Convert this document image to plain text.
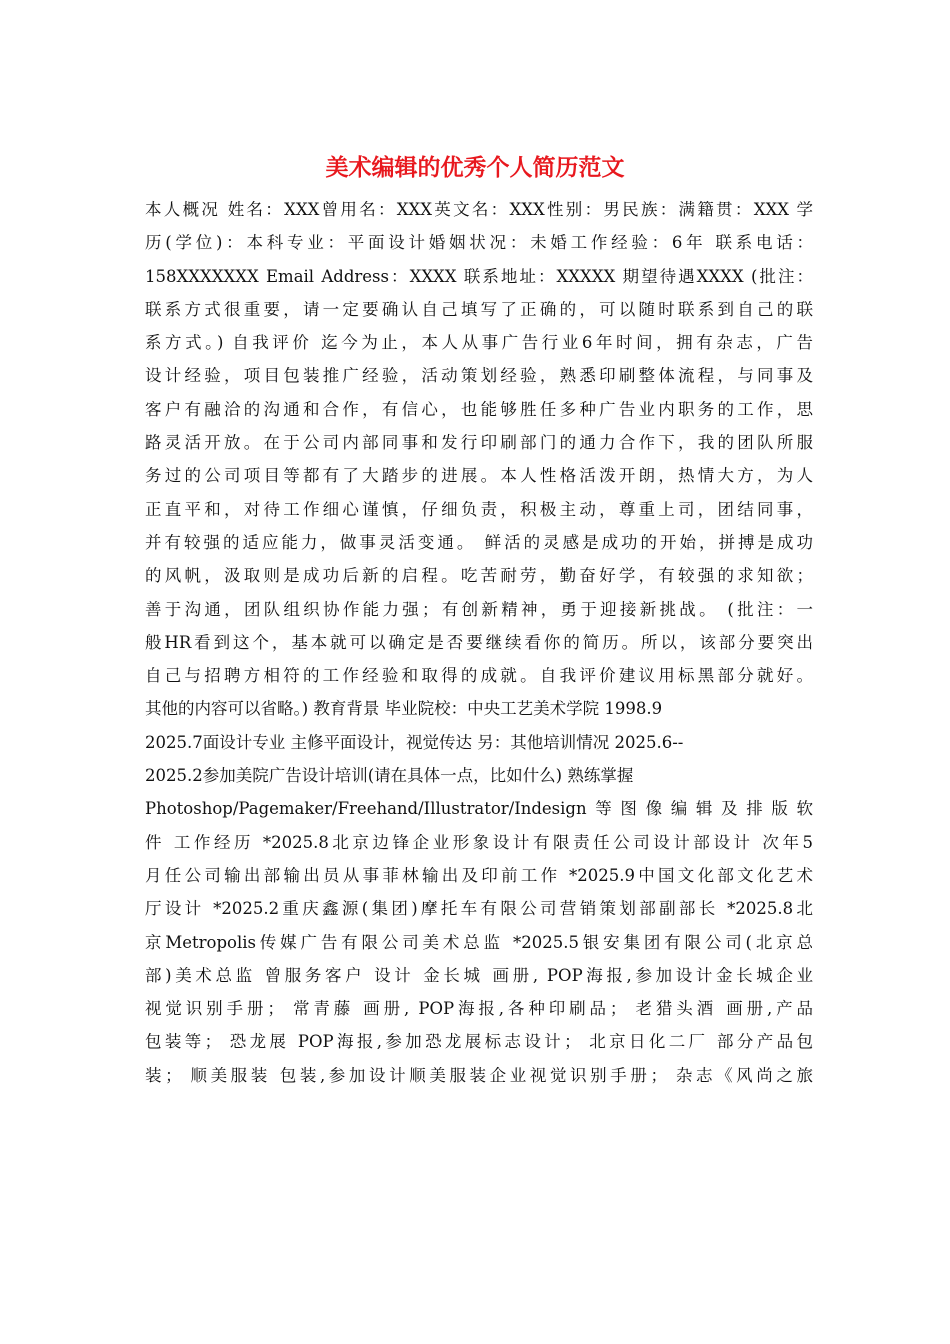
美术编辑的优秀个人简历范文
本人概况 姓名：XXX曾用名：XXX英文名：XXX性别：男民族：满籍贯：XXX 学
历(学位)：本科专业：平面设计婚姻状况：未婚工作经验：6年 联系电话：
158XXXXXXX Email Address：XXXX 联系地址：XXXXX 期望待遇XXXX (批注：
联系方式很重要，请一定要确认自己填写了正确的，可以随时联系到自己的联
系方式。) 自我评价 迄今为止，本人从事广告行业6年时间，拥有杂志，广告
设计经验，项目包装推广经验，活动策划经验，熟悉印刷整体流程，与同事及
客户有融洽的沟通和合作，有信心，也能够胜任多种广告业内职务的工作，思
路灵活开放。在于公司内部同事和发行印刷部门的通力合作下，我的团队所服
务过的公司项目等都有了大踏步的进展。本人性格活泼开朗，热情大方，为人
正直平和，对待工作细心谨慎，仔细负责，积极主动，尊重上司，团结同事，
并有较强的适应能力，做事灵活变通。 鲜活的灵感是成功的开始，拼搏是成功
的风帆，汲取则是成功后新的启程。吃苦耐劳，勤奋好学，有较强的求知欲；
善于沟通，团队组织协作能力强；有创新精神，勇于迎接新挑战。 (批注：一
般HR看到这个，基本就可以确定是否要继续看你的简历。所以，该部分要突出
自己与招聘方相符的工作经验和取得的成就。自我评价建议用标黑部分就好。
其他的内容可以省略。) 教育背景 毕业院校：中央工艺美术学院 1998.9
2025.7面设计专业 主修平面设计，视觉传达 另：其他培训情况 2025.6--
2025.2参加美院广告设计培训(请在具体一点，比如什么) 熟练掌握
Photoshop/Pagemaker/Freehand/Illustrator/Indesign等图像编辑及排版软
件 工作经历 *2025.8北京边锋企业形象设计有限责任公司设计部设计 次年5
月任公司输出部输出员从事菲林输出及印前工作 *2025.9中国文化部文化艺术
厅设计 *2025.2重庆鑫源(集团)摩托车有限公司营销策划部副部长 *2025.8北
京Metropolis传媒广告有限公司美术总监 *2025.5银安集团有限公司(北京总
部)美术总监 曾服务客户 设计 金长城 画册, POP海报,参加设计金长城企业
视觉识别手册； 常青藤 画册, POP海报,各种印刷品； 老猎头酒 画册,产品
包装等； 恐龙展 POP海报,参加恐龙展标志设计； 北京日化二厂 部分产品包
装； 顺美服装 包装,参加设计顺美服装企业视觉识别手册； 杂志《风尚之旅
